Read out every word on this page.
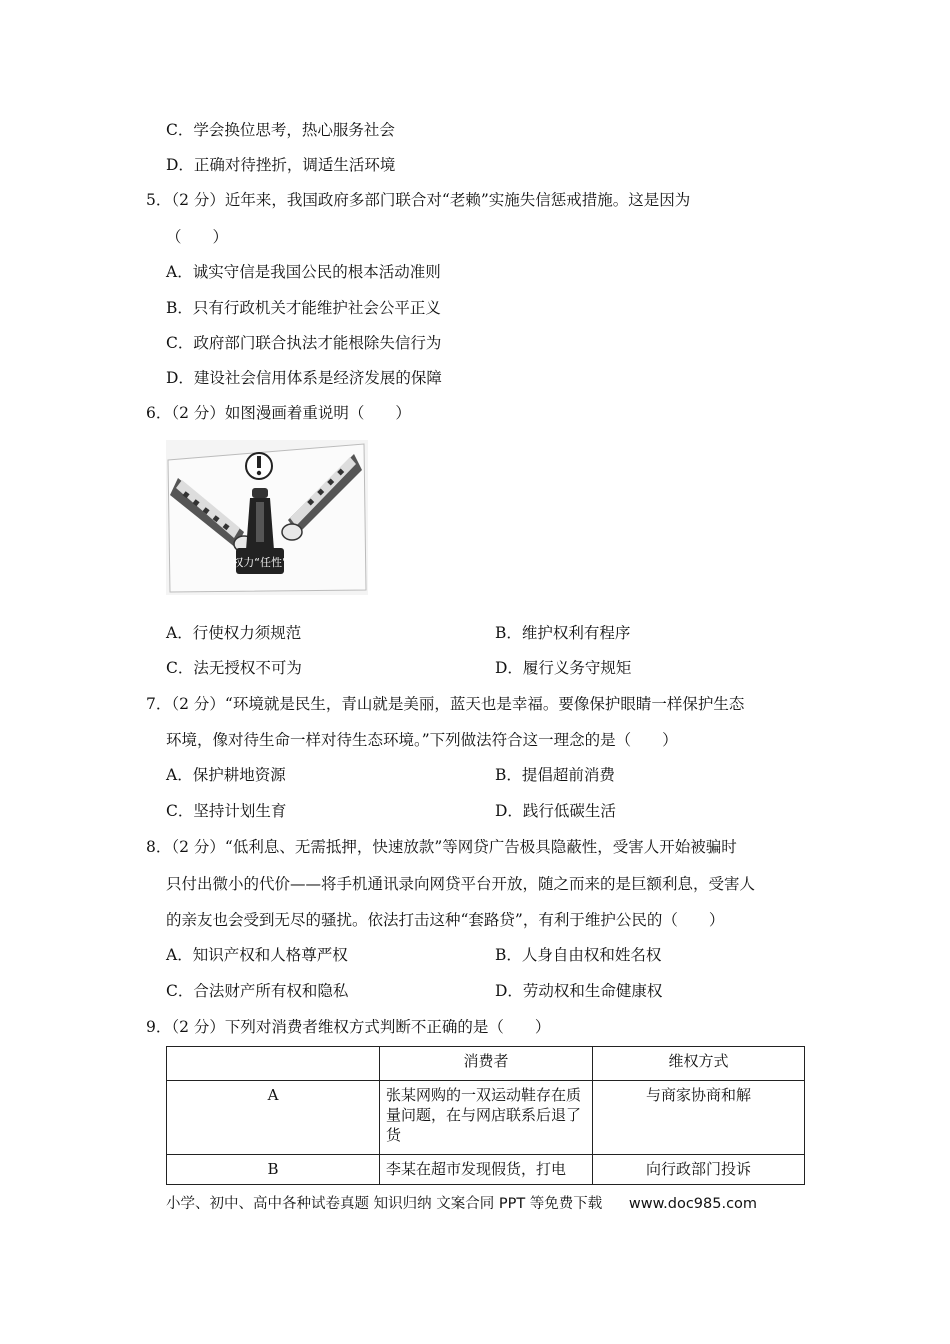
C．学会换位思考，热心服务社会
D．正确对待挫折，调适生活环境
5．（2 分）近年来，我国政府多部门联合对“老赖”实施失信惩戒措施。这是因为
（　　）
A．诚实守信是我国公民的根本活动准则
B．只有行政机关才能维护社会公平正义
C．政府部门联合执法才能根除失信行为
D．建设社会信用体系是经济发展的保障
6．（2 分）如图漫画着重说明（　　）
权力“任性”
A．行使权力须规范	B．维护权利有程序
C．法无授权不可为	D．履行义务守规矩
7．（2 分）“环境就是民生，青山就是美丽，蓝天也是幸福。要像保护眼睛一样保护生态
环境，像对待生命一样对待生态环境。”下列做法符合这一理念的是（　　）
A．保护耕地资源	B．提倡超前消费
C．坚持计划生育	D．践行低碳生活
8．（2 分）“低利息、无需抵押，快速放款”等网贷广告极具隐蔽性，受害人开始被骗时
只付出微小的代价——将手机通讯录向网贷平台开放，随之而来的是巨额利息，受害人
的亲友也会受到无尽的骚扰。依法打击这种“套路贷”，有利于维护公民的（　　）
A．知识产权和人格尊严权	B．人身自由权和姓名权
C．合法财产所有权和隐私	D．劳动权和生命健康权
9．（2 分）下列对消费者维权方式判断不正确的是（　　）
	消费者	维权方式
A	张某网购的一双运动鞋存在质量问题，在与网店联系后退了货	与商家协商和解
B	李某在超市发现假货，打电	向行政部门投诉
小学、初中、高中各种试卷真题 知识归纳 文案合同 PPT 等免费下载 www.doc985.com
